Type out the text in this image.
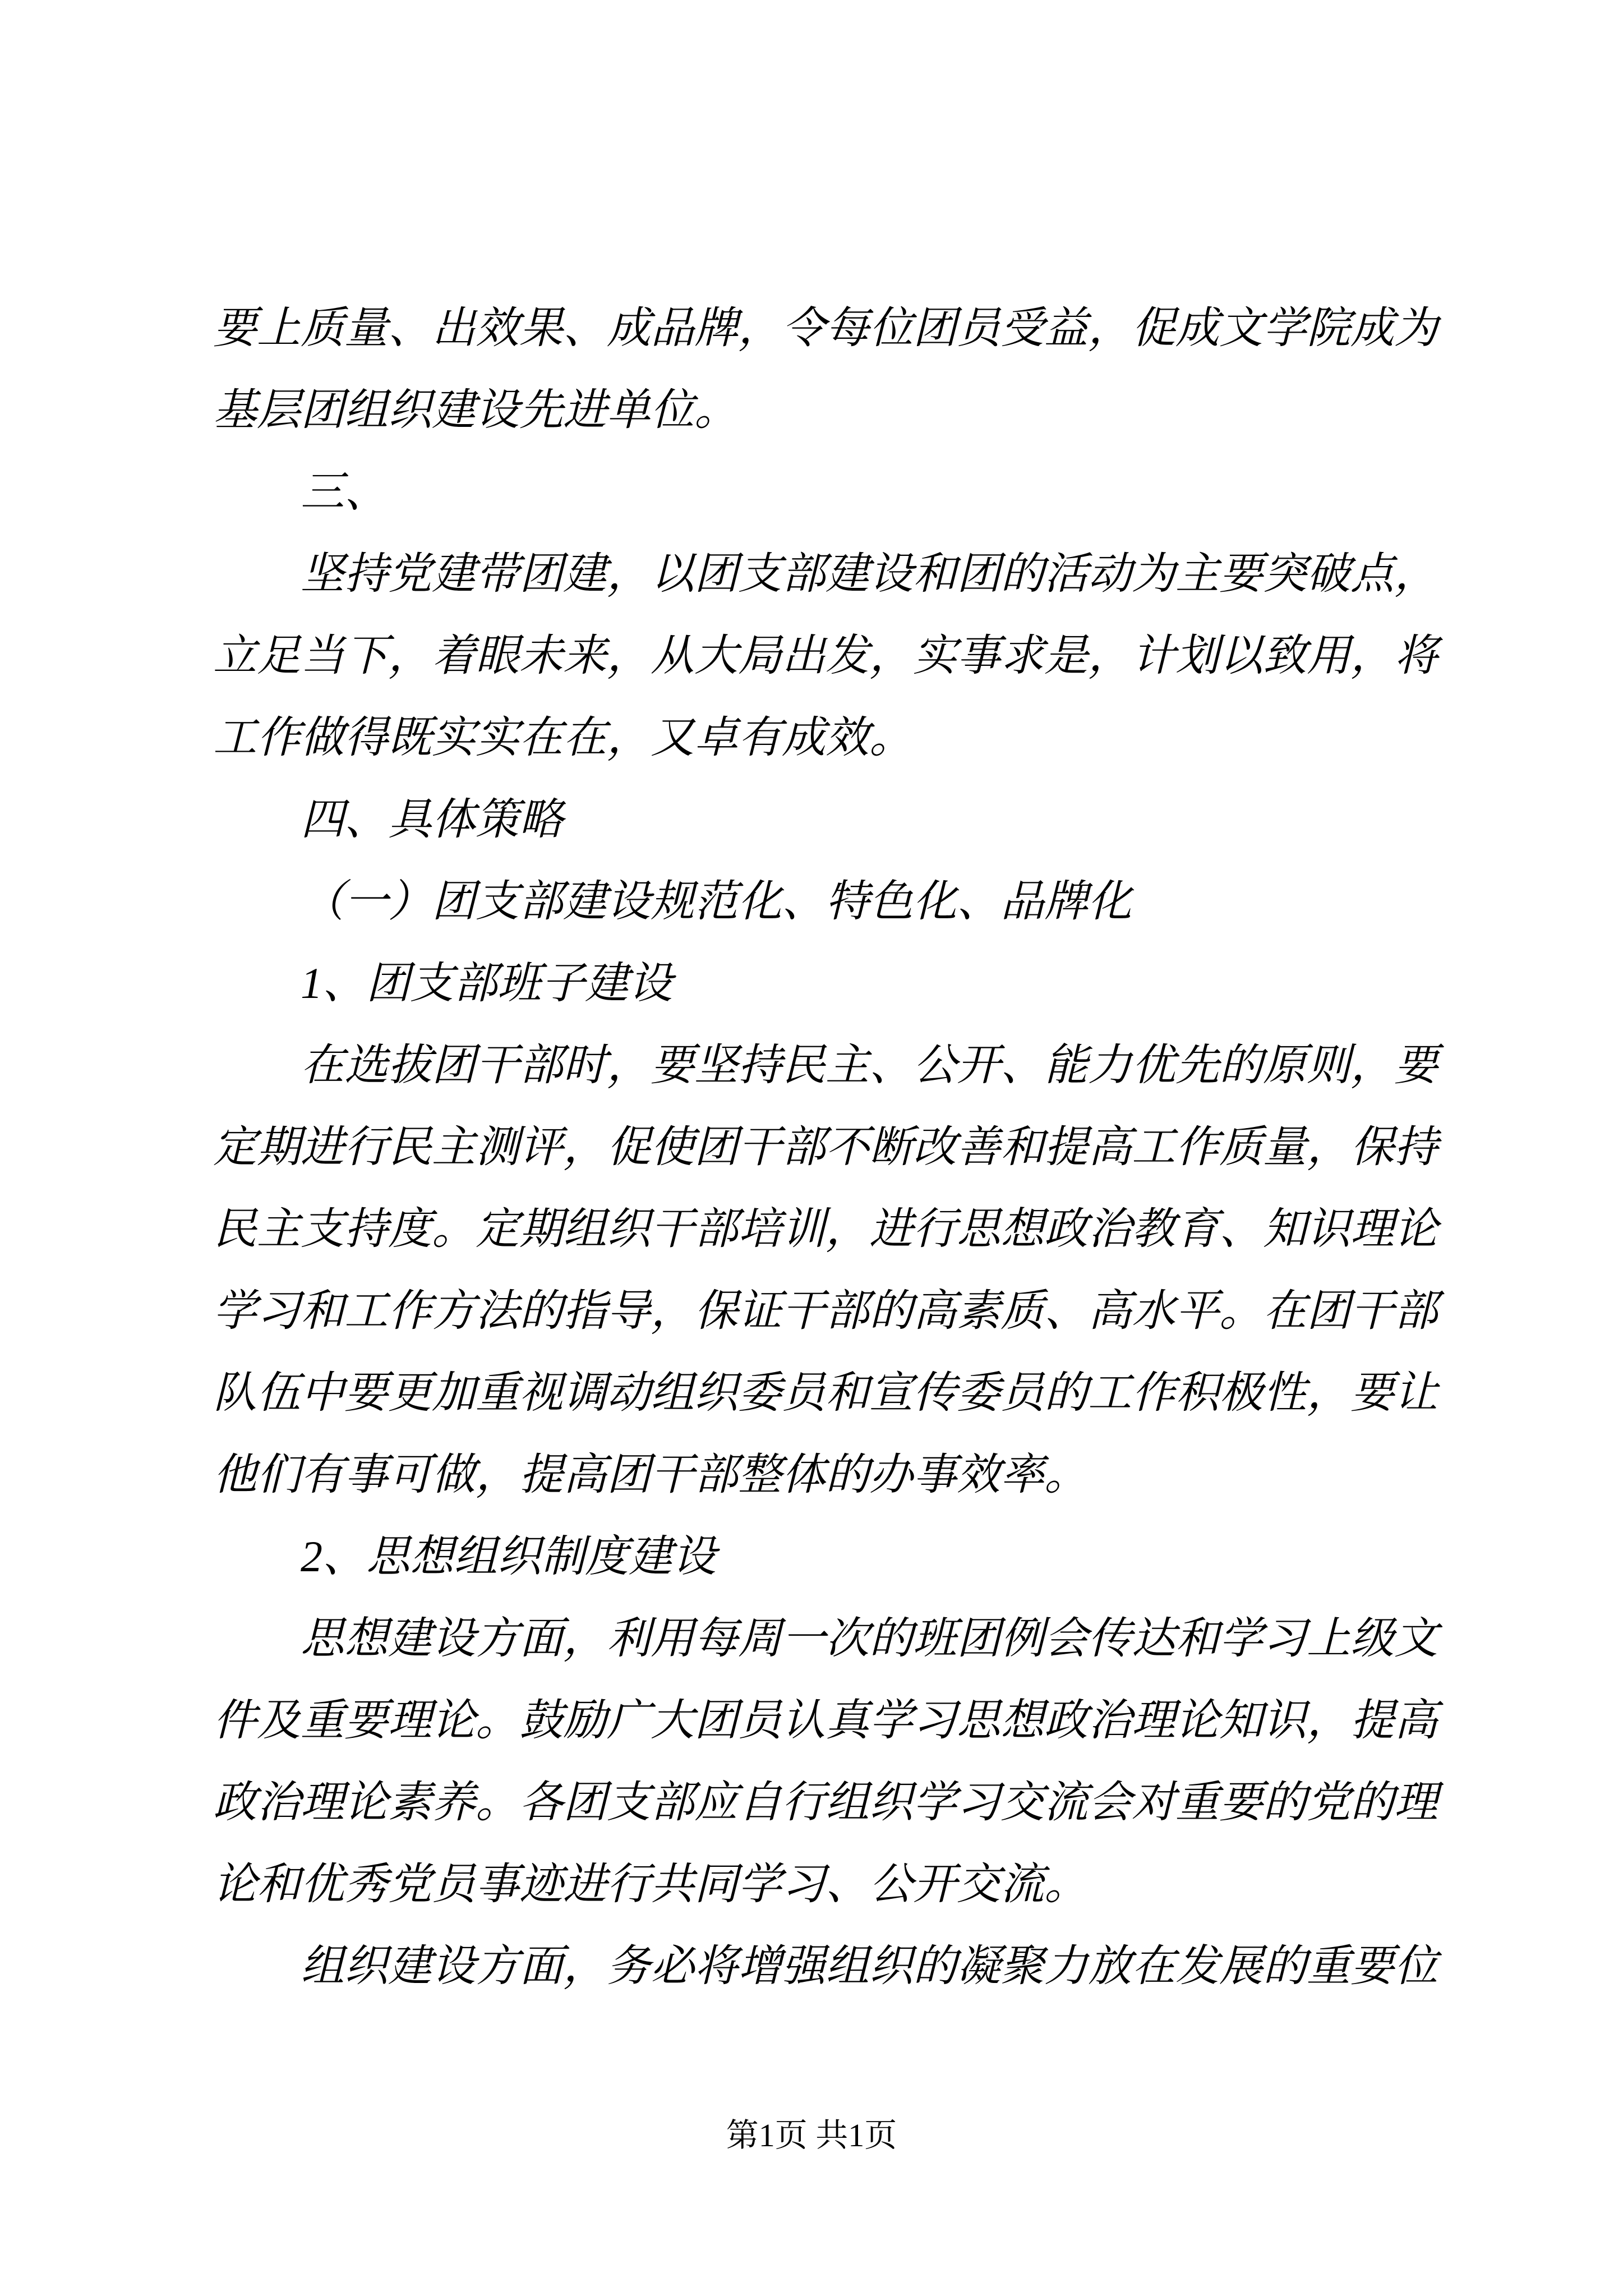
要上质量、出效果、成品牌，令每位团员受益，促成文学院成为基层团组织建设先进单位。

三、

坚持党建带团建，以团支部建设和团的活动为主要突破点，立足当下，着眼未来，从大局出发，实事求是，计划以致用，将工作做得既实实在在，又卓有成效。

四、具体策略

（一）团支部建设规范化、特色化、品牌化

1、团支部班子建设

在选拔团干部时，要坚持民主、公开、能力优先的原则，要定期进行民主测评，促使团干部不断改善和提高工作质量，保持民主支持度。定期组织干部培训，进行思想政治教育、知识理论学习和工作方法的指导，保证干部的高素质、高水平。在团干部队伍中要更加重视调动组织委员和宣传委员的工作积极性，要让他们有事可做，提高团干部整体的办事效率。

2、思想组织制度建设

思想建设方面，利用每周一次的班团例会传达和学习上级文件及重要理论。鼓励广大团员认真学习思想政治理论知识，提高政治理论素养。各团支部应自行组织学习交流会对重要的党的理论和优秀党员事迹进行共同学习、公开交流。

组织建设方面，务必将增强组织的凝聚力放在发展的重要位

第1页 共1页
